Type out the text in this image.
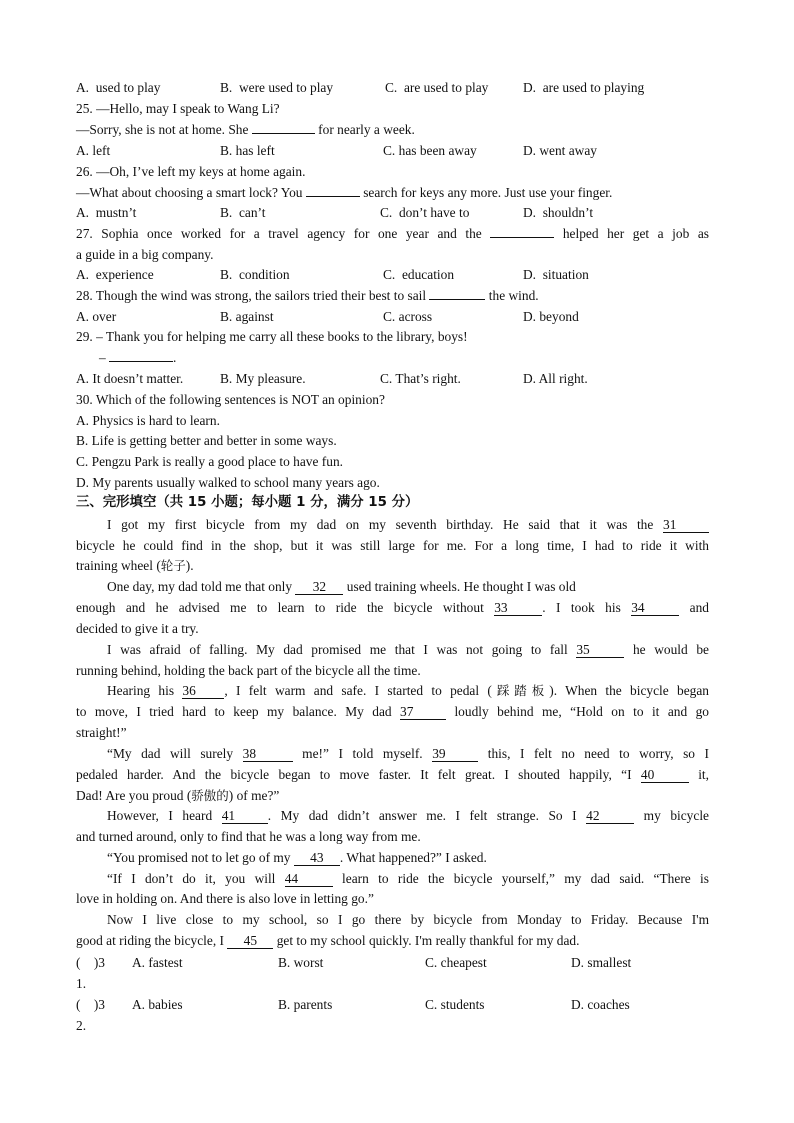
A.  used to play	B.  were used to play	C.  are used to play	D.  are used to playing
25. —Hello, may I speak to Wang Li?
—Sorry, she is not at home. She	for nearly a week.
A. left	B. has left	C. has been away	D. went away
26. —Oh, I’ve left my keys at home again.
—What about choosing a smart lock? You	search for keys any more. Just use your finger.
A.  mustn’t	B.  can’t	C.  don’t have to	D.  shouldn’t
27. Sophia once worked for a travel agency for one year and the	helped her get a job as
a guide in a big company.
A.  experience	B.  condition	C.  education	D.  situation
28. Though the wind was strong, the sailors tried their best to sail	the wind.
A. over	B. against	C. across	D. beyond
29. – Thank you for helping me carry all these books to the library, boys!
–	.
A. It doesn’t matter.	B. My pleasure.	C. That’s right.	D. All right.
30. Which of the following sentences is NOT an opinion?
A. Physics is hard to learn.
B. Life is getting better and better in some ways.
C. Pengzu Park is really a good place to have fun.
D. My parents usually walked to school many years ago.
三、完形填空（共 15 小题；每小题 1 分，满分 15 分）
I got my first bicycle from my dad on my seventh birthday. He said that it was the 31
bicycle he could find in the shop, but it was still large for me. For a long time, I had to ride it with
training wheel (轮子).
One day, my dad told me that only 32 used training wheels. He thought I was old
enough and he advised me to learn to ride the bicycle without 33	. I took his 34	and
decided to give it a try.
I was afraid of falling. My dad promised me that I was not going to fall 35	he would be
running behind, holding the back part of the bicycle all the time.
Hearing his 36 , I felt warm and safe. I started to pedal (踩踏板). When the bicycle began
to move, I tried hard to keep my balance. My dad 37 loudly behind me, “Hold on to it and go
straight!”
“My dad will surely 38	me!” I told myself. 39 this, I felt no need to worry, so I
pedaled harder. And the bicycle began to move faster. It felt great. I shouted happily, “I 40	it,
Dad! Are you proud (骄傲的) of me?”
However, I heard 41 . My dad didn’t answer me. I felt strange. So I 42	my bicycle
and turned around, only to find that he was a long way from me.
“You promised not to let go of my 43 . What happened?” I asked.
“If I don’t do it, you will 44	learn to ride the bicycle yourself,” my dad said. “There is
love in holding on. And there is also love in letting go.”
Now I live close to my school, so I go there by bicycle from Monday to Friday. Because I'm
good at riding the bicycle, I 45 get to my school quickly. I'm really thankful for my dad.
(    )3 A. fastest	B. worst	C. cheapest	D. smallest
1.
(    )3 A. babies	B. parents	C. students	D. coaches
2.
